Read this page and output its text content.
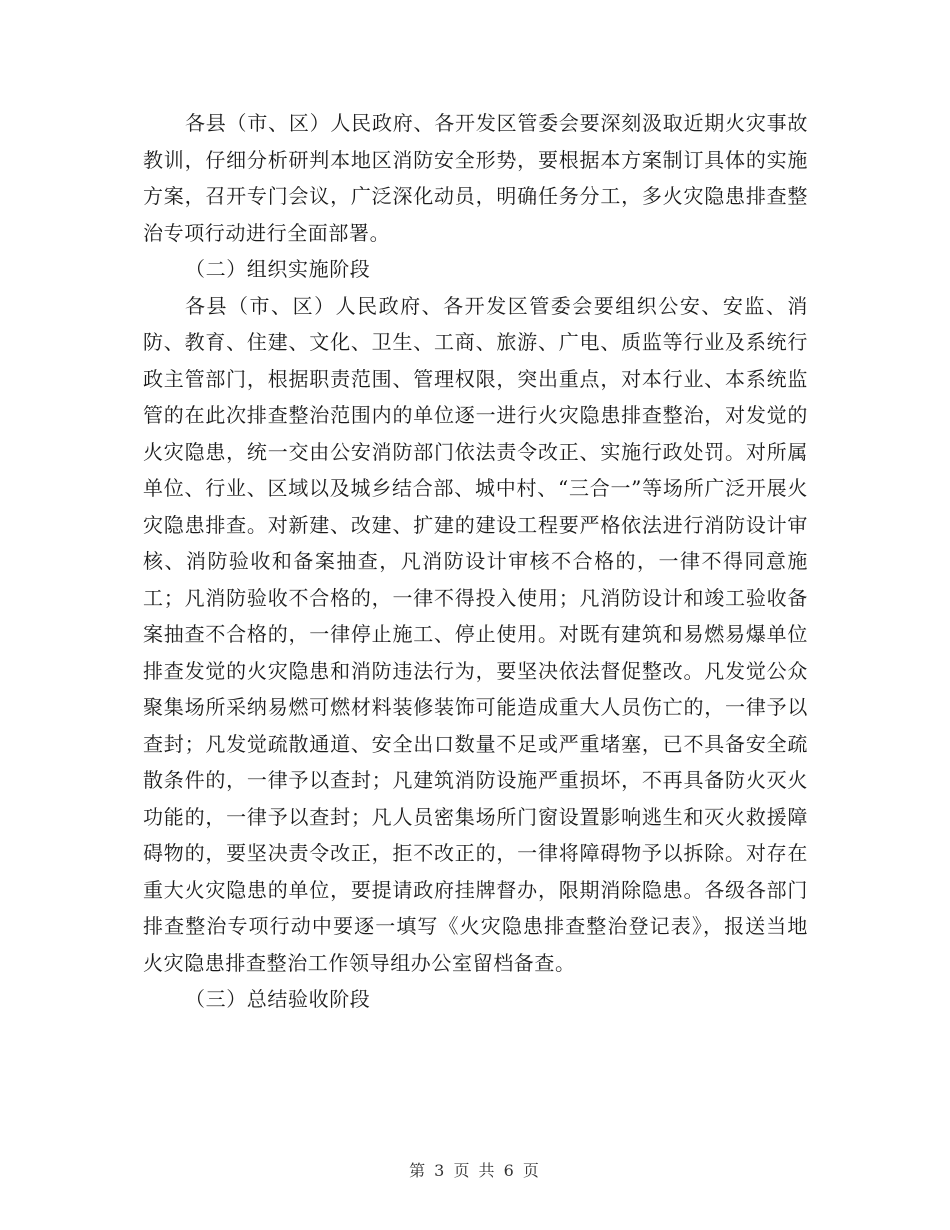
各县（市、区）人民政府、各开发区管委会要深刻汲取近期火灾事故教训，仔细分析研判本地区消防安全形势，要根据本方案制订具体的实施方案，召开专门会议，广泛深化动员，明确任务分工，多火灾隐患排查整治专项行动进行全面部署。

（二）组织实施阶段

各县（市、区）人民政府、各开发区管委会要组织公安、安监、消防、教育、住建、文化、卫生、工商、旅游、广电、质监等行业及系统行政主管部门，根据职责范围、管理权限，突出重点，对本行业、本系统监管的在此次排查整治范围内的单位逐一进行火灾隐患排查整治，对发觉的火灾隐患，统一交由公安消防部门依法责令改正、实施行政处罚。对所属单位、行业、区域以及城乡结合部、城中村、“三合一”等场所广泛开展火灾隐患排查。对新建、改建、扩建的建设工程要严格依法进行消防设计审核、消防验收和备案抽查，凡消防设计审核不合格的，一律不得同意施工；凡消防验收不合格的，一律不得投入使用；凡消防设计和竣工验收备案抽查不合格的，一律停止施工、停止使用。对既有建筑和易燃易爆单位排查发觉的火灾隐患和消防违法行为，要坚决依法督促整改。凡发觉公众聚集场所采纳易燃可燃材料装修装饰可能造成重大人员伤亡的，一律予以查封；凡发觉疏散通道、安全出口数量不足或严重堵塞，已不具备安全疏散条件的，一律予以查封；凡建筑消防设施严重损坏，不再具备防火灭火功能的，一律予以查封；凡人员密集场所门窗设置影响逃生和灭火救援障碍物的，要坚决责令改正，拒不改正的，一律将障碍物予以拆除。对存在重大火灾隐患的单位，要提请政府挂牌督办，限期消除隐患。各级各部门排查整治专项行动中要逐一填写《火灾隐患排查整治登记表》，报送当地火灾隐患排查整治工作领导组办公室留档备查。

（三）总结验收阶段

第 3 页 共 6 页
